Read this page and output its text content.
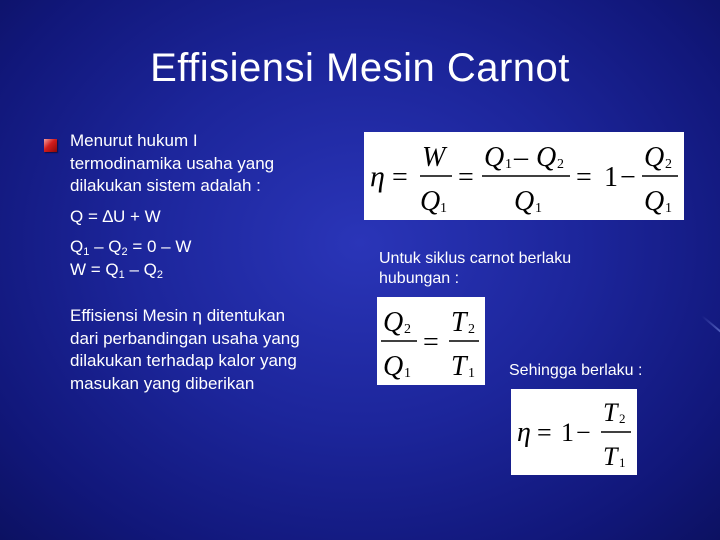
Effisiensi Mesin Carnot
Menurut hukum I
termodinamika usaha yang
dilakukan sistem adalah :
Q = ∆U + W
$Q_1 - Q_2 = 0 - W$
$W = Q_1 - Q_2$
Effisiensi Mesin η ditentukan
dari perbandingan usaha yang
dilakukan terhadap kalor yang
masukan yang diberikan
η =
W
Q 1
=
Q 1 – Q 2
Q 1
= 1 −
Q 2
Q 1
Untuk siklus carnot berlaku
hubungan :
Q 2
Q 1
=
T 2
T 1 Sehingga berlaku :
η = 1 −
T 2
T 1
